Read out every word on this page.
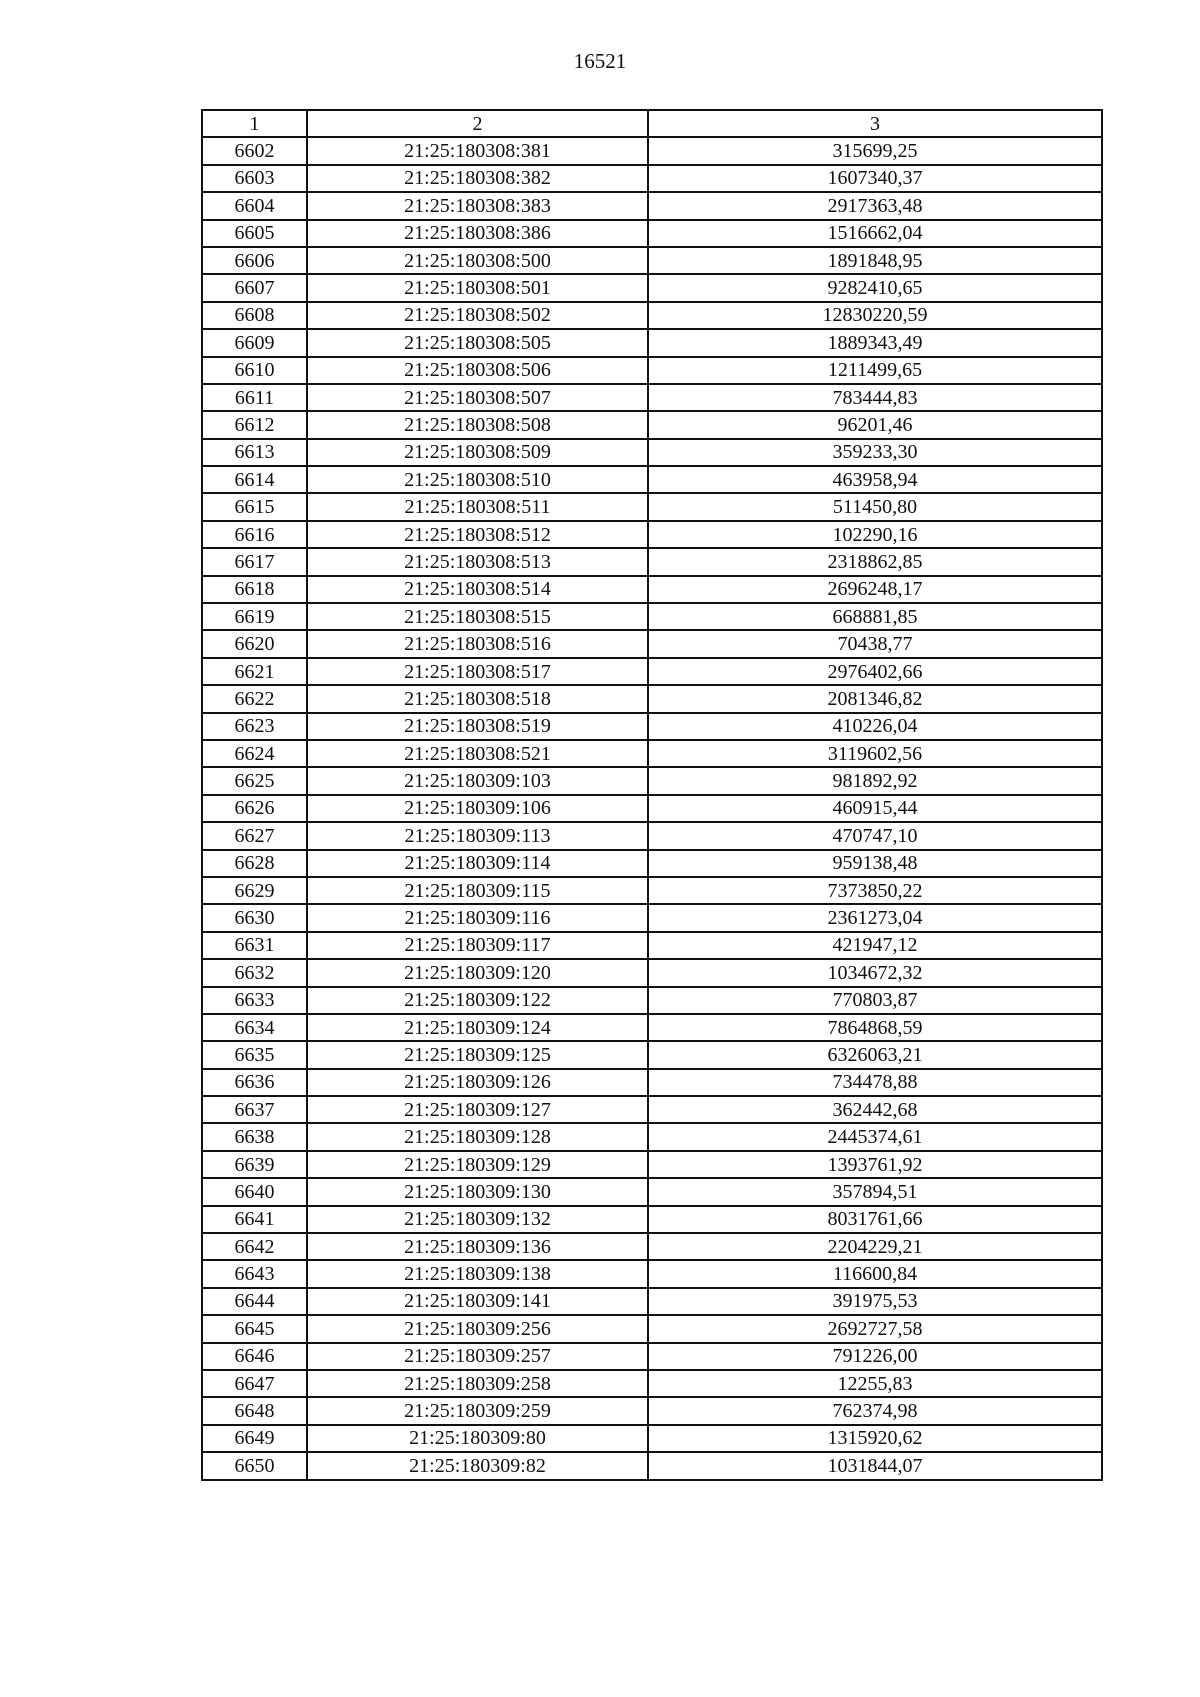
16521
1	2	3
6602	21:25:180308:381	315699,25
6603	21:25:180308:382	1607340,37
6604	21:25:180308:383	2917363,48
6605	21:25:180308:386	1516662,04
6606	21:25:180308:500	1891848,95
6607	21:25:180308:501	9282410,65
6608	21:25:180308:502	12830220,59
6609	21:25:180308:505	1889343,49
6610	21:25:180308:506	1211499,65
6611	21:25:180308:507	783444,83
6612	21:25:180308:508	96201,46
6613	21:25:180308:509	359233,30
6614	21:25:180308:510	463958,94
6615	21:25:180308:511	511450,80
6616	21:25:180308:512	102290,16
6617	21:25:180308:513	2318862,85
6618	21:25:180308:514	2696248,17
6619	21:25:180308:515	668881,85
6620	21:25:180308:516	70438,77
6621	21:25:180308:517	2976402,66
6622	21:25:180308:518	2081346,82
6623	21:25:180308:519	410226,04
6624	21:25:180308:521	3119602,56
6625	21:25:180309:103	981892,92
6626	21:25:180309:106	460915,44
6627	21:25:180309:113	470747,10
6628	21:25:180309:114	959138,48
6629	21:25:180309:115	7373850,22
6630	21:25:180309:116	2361273,04
6631	21:25:180309:117	421947,12
6632	21:25:180309:120	1034672,32
6633	21:25:180309:122	770803,87
6634	21:25:180309:124	7864868,59
6635	21:25:180309:125	6326063,21
6636	21:25:180309:126	734478,88
6637	21:25:180309:127	362442,68
6638	21:25:180309:128	2445374,61
6639	21:25:180309:129	1393761,92
6640	21:25:180309:130	357894,51
6641	21:25:180309:132	8031761,66
6642	21:25:180309:136	2204229,21
6643	21:25:180309:138	116600,84
6644	21:25:180309:141	391975,53
6645	21:25:180309:256	2692727,58
6646	21:25:180309:257	791226,00
6647	21:25:180309:258	12255,83
6648	21:25:180309:259	762374,98
6649	21:25:180309:80	1315920,62
6650	21:25:180309:82	1031844,07
